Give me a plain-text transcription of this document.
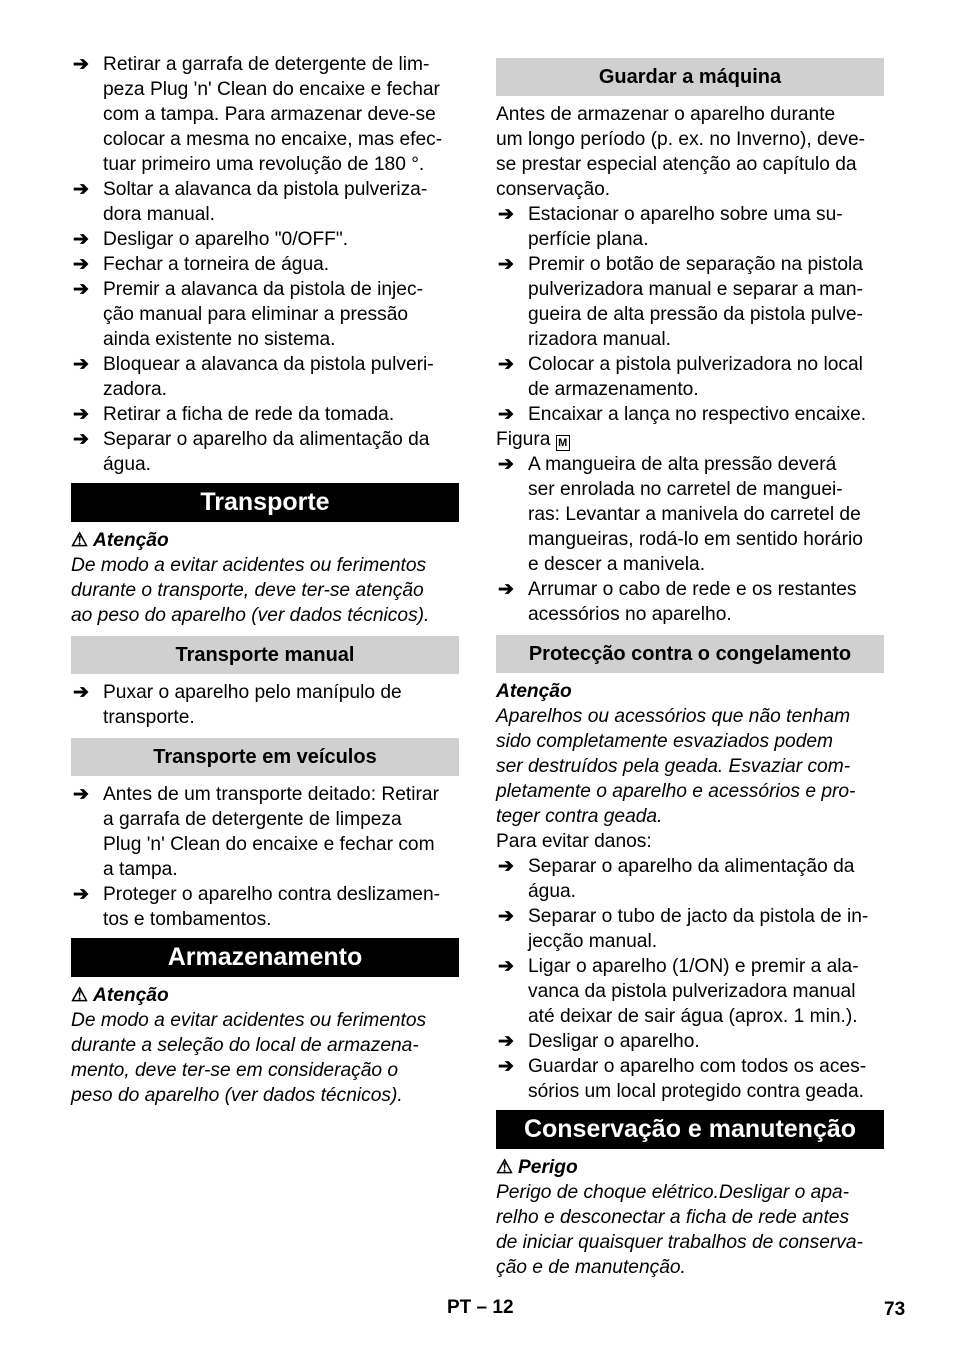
➔ Retirar a garrafa de detergente de lim-
peza Plug 'n' Clean do encaixe e fechar
com a tampa. Para armazenar deve-se
colocar a mesma no encaixe, mas efec-
tuar primeiro uma revolução de 180 °.
➔ Soltar a alavanca da pistola pulveriza-
dora manual.
➔ Desligar o aparelho "0/OFF".
➔ Fechar a torneira de água.
➔ Premir a alavanca da pistola de injec-
ção manual para eliminar a pressão
ainda existente no sistema.
➔ Bloquear a alavanca da pistola pulveri-
zadora.
➔ Retirar a ficha de rede da tomada.
➔ Separar o aparelho da alimentação da
água.
Transporte
⚠ Atenção
De modo a evitar acidentes ou ferimentos
durante o transporte, deve ter-se atenção
ao peso do aparelho (ver dados técnicos).
Transporte manual
➔ Puxar o aparelho pelo manípulo de
transporte.
Transporte em veículos
➔ Antes de um transporte deitado: Retirar
a garrafa de detergente de limpeza
Plug 'n' Clean do encaixe e fechar com
a tampa.
➔ Proteger o aparelho contra deslizamen-
tos e tombamentos.
Armazenamento
⚠ Atenção
De modo a evitar acidentes ou ferimentos
durante a seleção do local de armazena-
mento, deve ter-se em consideração o
peso do aparelho (ver dados técnicos).
Guardar a máquina
Antes de armazenar o aparelho durante
um longo período (p. ex. no Inverno), deve-
se prestar especial atenção ao capítulo da
conservação.
➔ Estacionar o aparelho sobre uma su-
perfície plana.
➔ Premir o botão de separação na pistola
pulverizadora manual e separar a man-
gueira de alta pressão da pistola pulve-
rizadora manual.
➔ Colocar a pistola pulverizadora no local
de armazenamento.
➔ Encaixar a lança no respectivo encaixe.
Figura M
➔ A mangueira de alta pressão deverá
ser enrolada no carretel de manguei-
ras: Levantar a manivela do carretel de
mangueiras, rodá-lo em sentido horário
e descer a manivela.
➔ Arrumar o cabo de rede e os restantes
acessórios no aparelho.
Protecção contra o congelamento
Atenção
Aparelhos ou acessórios que não tenham
sido completamente esvaziados podem
ser destruídos pela geada. Esvaziar com-
pletamente o aparelho e acessórios e pro-
teger contra geada.
Para evitar danos:
➔ Separar o aparelho da alimentação da
água.
➔ Separar o tubo de jacto da pistola de in-
jecção manual.
➔ Ligar o aparelho (1/ON) e premir a ala-
vanca da pistola pulverizadora manual
até deixar de sair água (aprox. 1 min.).
➔ Desligar o aparelho.
➔ Guardar o aparelho com todos os aces-
sórios um local protegido contra geada.
Conservação e manutenção
⚠ Perigo
Perigo de choque elétrico.Desligar o apa-
relho e desconectar a ficha de rede antes
de iniciar quaisquer trabalhos de conserva-
ção e de manutenção.
PT – 12	73
